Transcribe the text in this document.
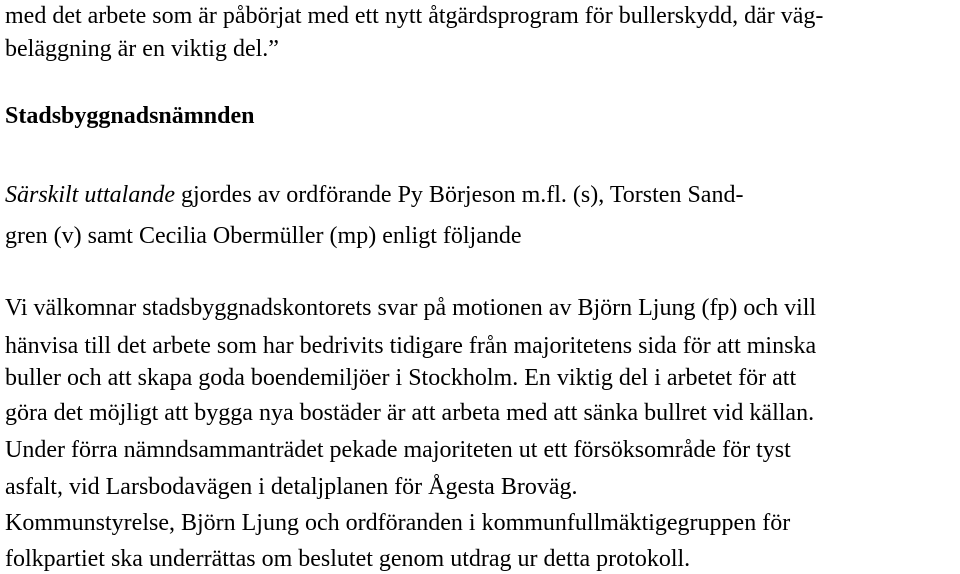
med det arbete som är påbörjat med ett nytt åtgärdsprogram för bullerskydd, där väg-
beläggning är en viktig del.”
Stadsbyggnadsnämnden
Särskilt uttalande gjordes av ordförande Py Börjeson m.fl. (s), Torsten Sand-
gren (v) samt Cecilia Obermüller (mp) enligt följande
Vi välkomnar stadsbyggnadskontorets svar på motionen av Björn Ljung (fp) och vill
hänvisa till det arbete som har bedrivits tidigare från majoritetens sida för att minska
buller och att skapa goda boendemiljöer i Stockholm. En viktig del i arbetet för att
göra det möjligt att bygga nya bostäder är att arbeta med att sänka bullret vid källan.
Under förra nämndsammanträdet pekade majoriteten ut ett försöksområde för tyst
asfalt, vid Larsbodavägen i detaljplanen för Ågesta Broväg.
Kommunstyrelse, Björn Ljung och ordföranden i kommunfullmäktigegruppen för
folkpartiet ska underrättas om beslutet genom utdrag ur detta protokoll.
